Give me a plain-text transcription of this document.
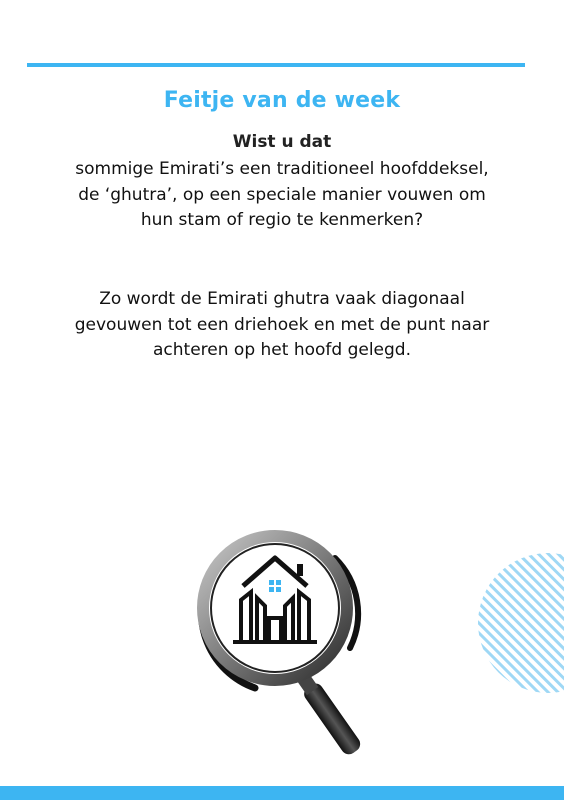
Feitje van de week
Wist u dat
sommige Emirati’s een traditioneel hoofddeksel, de ‘ghutra’, op een speciale manier vouwen om hun stam of regio te kenmerken?
Zo wordt de Emirati ghutra vaak diagonaal gevouwen tot een driehoek en met de punt naar achteren op het hoofd gelegd.
